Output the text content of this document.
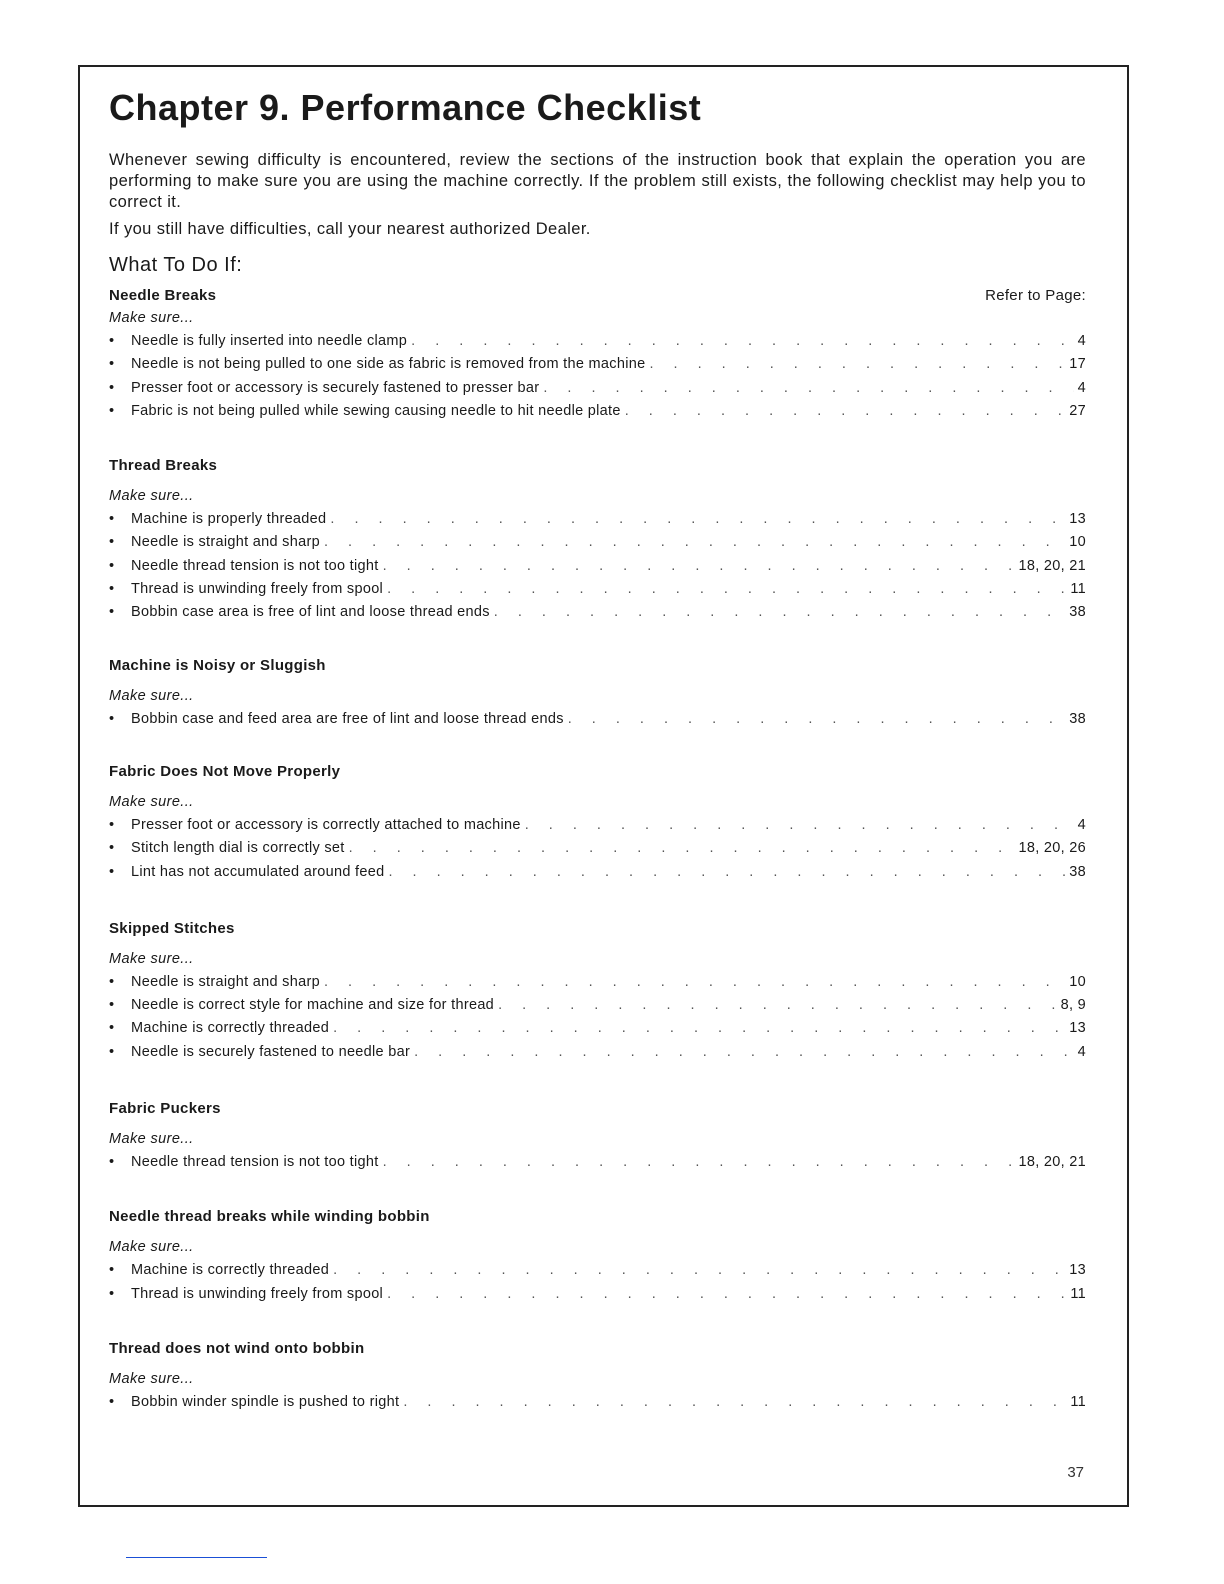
Chapter 9. Performance Checklist

Whenever sewing difficulty is encountered, review the sections of the instruction book that explain the operation you are performing to make sure you are using the machine correctly. If the problem still exists, the following checklist may help you to correct it.

If you still have difficulties, call your nearest authorized Dealer.

What To Do If:
Needle Breaks	Refer to Page:
Make sure...
•	Needle is fully inserted into needle clamp . . .	4
•	Needle is not being pulled to one side as fabric is removed from the machine . . .	17
•	Presser foot or accessory is securely fastened to presser bar . . .	4
•	Fabric is not being pulled while sewing causing needle to hit needle plate . . .	27
Thread Breaks
Make sure...
•	Machine is properly threaded . . .	13
•	Needle is straight and sharp . . .	10
•	Needle thread tension is not too tight . . .	18, 20, 21
•	Thread is unwinding freely from spool . . .	11
•	Bobbin case area is free of lint and loose thread ends . . .	38
Machine is Noisy or Sluggish
Make sure...
•	Bobbin case and feed area are free of lint and loose thread ends . . .	38
Fabric Does Not Move Properly
Make sure...
•	Presser foot or accessory is correctly attached to machine . . .	4
•	Stitch length dial is correctly set . . .	18, 20, 26
•	Lint has not accumulated around feed . . .	38
Skipped Stitches
Make sure...
•	Needle is straight and sharp . . .	10
•	Needle is correct style for machine and size for thread . . .	8, 9
•	Machine is correctly threaded . . .	13
•	Needle is securely fastened to needle bar . . .	4
Fabric Puckers
Make sure...
•	Needle thread tension is not too tight . . .	18, 20, 21
Needle thread breaks while winding bobbin
Make sure...
•	Machine is correctly threaded . . .	13
•	Thread is unwinding freely from spool . . .	11
Thread does not wind onto bobbin
Make sure...
•	Bobbin winder spindle is pushed to right . . .	11
37
